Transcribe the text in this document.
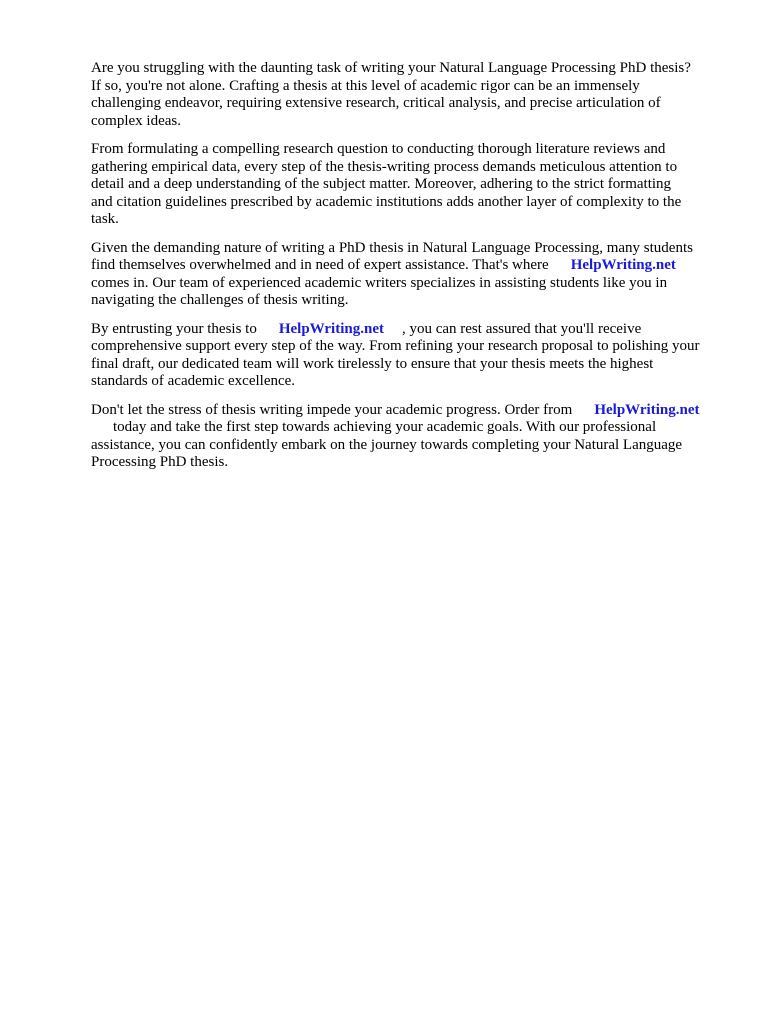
Are you struggling with the daunting task of writing your Natural Language Processing PhD thesis?
If so, you're not alone. Crafting a thesis at this level of academic rigor can be an immensely
challenging endeavor, requiring extensive research, critical analysis, and precise articulation of
complex ideas.

From formulating a compelling research question to conducting thorough literature reviews and
gathering empirical data, every step of the thesis-writing process demands meticulous attention to
detail and a deep understanding of the subject matter. Moreover, adhering to the strict formatting
and citation guidelines prescribed by academic institutions adds another layer of complexity to the
task.

Given the demanding nature of writing a PhD thesis in Natural Language Processing, many students
find themselves overwhelmed and in need of expert assistance. That's where HelpWriting.net
comes in. Our team of experienced academic writers specializes in assisting students like you in
navigating the challenges of thesis writing.

By entrusting your thesis to HelpWriting.net , you can rest assured that you'll receive
comprehensive support every step of the way. From refining your research proposal to polishing your
final draft, our dedicated team will work tirelessly to ensure that your thesis meets the highest
standards of academic excellence.

Don't let the stress of thesis writing impede your academic progress. Order from HelpWriting.net
today and take the first step towards achieving your academic goals. With our professional
assistance, you can confidently embark on the journey towards completing your Natural Language
Processing PhD thesis.
